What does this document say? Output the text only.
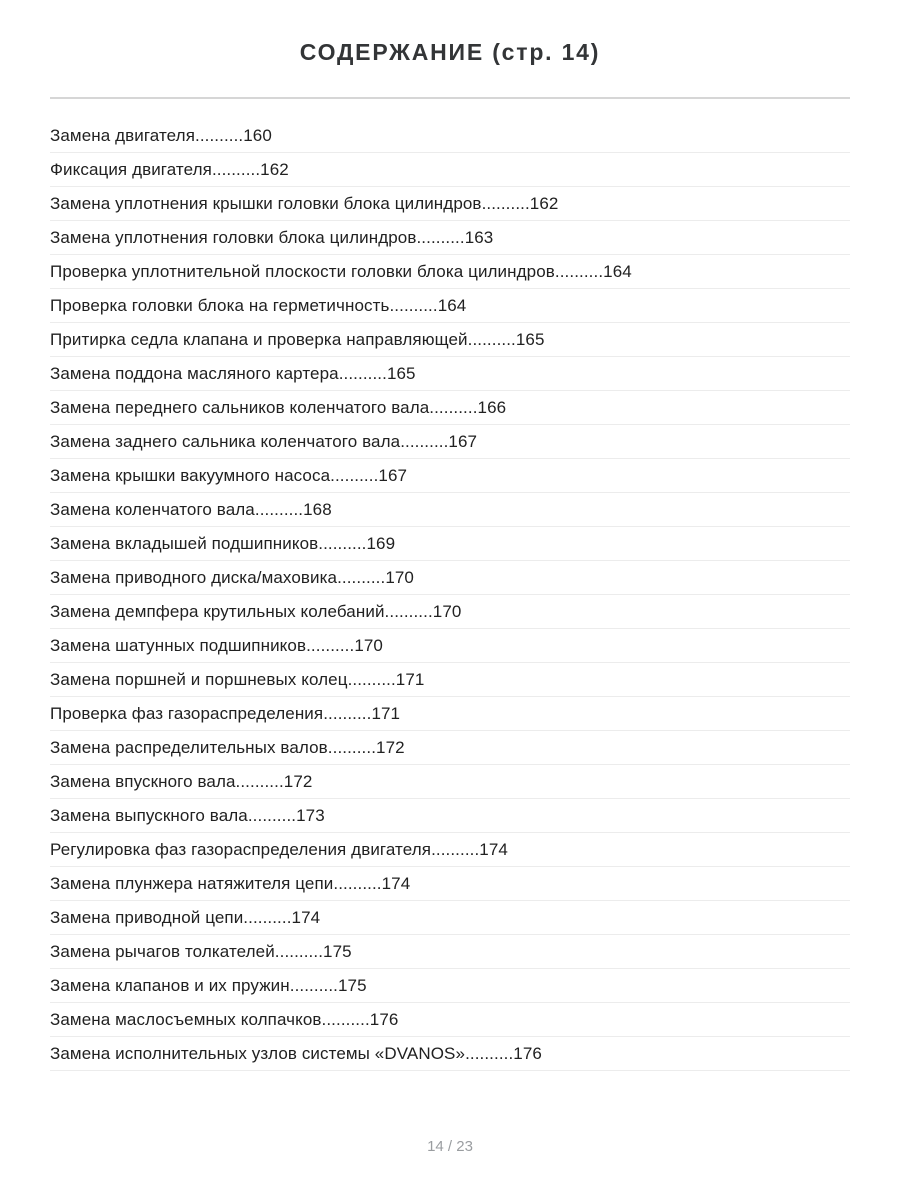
СОДЕРЖАНИЕ (стр. 14)
Замена двигателя .......... 160
Фиксация двигателя .......... 162
Замена уплотнения крышки головки блока цилиндров .......... 162
Замена уплотнения головки блока цилиндров .......... 163
Проверка уплотнительной плоскости головки блока цилиндров .......... 164
Проверка головки блока на герметичность .......... 164
Притирка седла клапана и проверка направляющей .......... 165
Замена поддона масляного картера .......... 165
Замена переднего сальников коленчатого вала .......... 166
Замена заднего сальника коленчатого вала .......... 167
Замена крышки вакуумного насоса .......... 167
Замена коленчатого вала .......... 168
Замена вкладышей подшипников .......... 169
Замена приводного диска/маховика .......... 170
Замена демпфера крутильных колебаний .......... 170
Замена шатунных подшипников .......... 170
Замена поршней и поршневых колец .......... 171
Проверка фаз газораспределения .......... 171
Замена распределительных валов .......... 172
Замена впускного вала .......... 172
Замена выпускного вала .......... 173
Регулировка фаз газораспределения двигателя .......... 174
Замена плунжера натяжителя цепи .......... 174
Замена приводной цепи .......... 174
Замена рычагов толкателей .......... 175
Замена клапанов и их пружин .......... 175
Замена маслосъемных колпачков .......... 176
Замена исполнительных узлов системы «DVANOS» .......... 176
14 / 23
